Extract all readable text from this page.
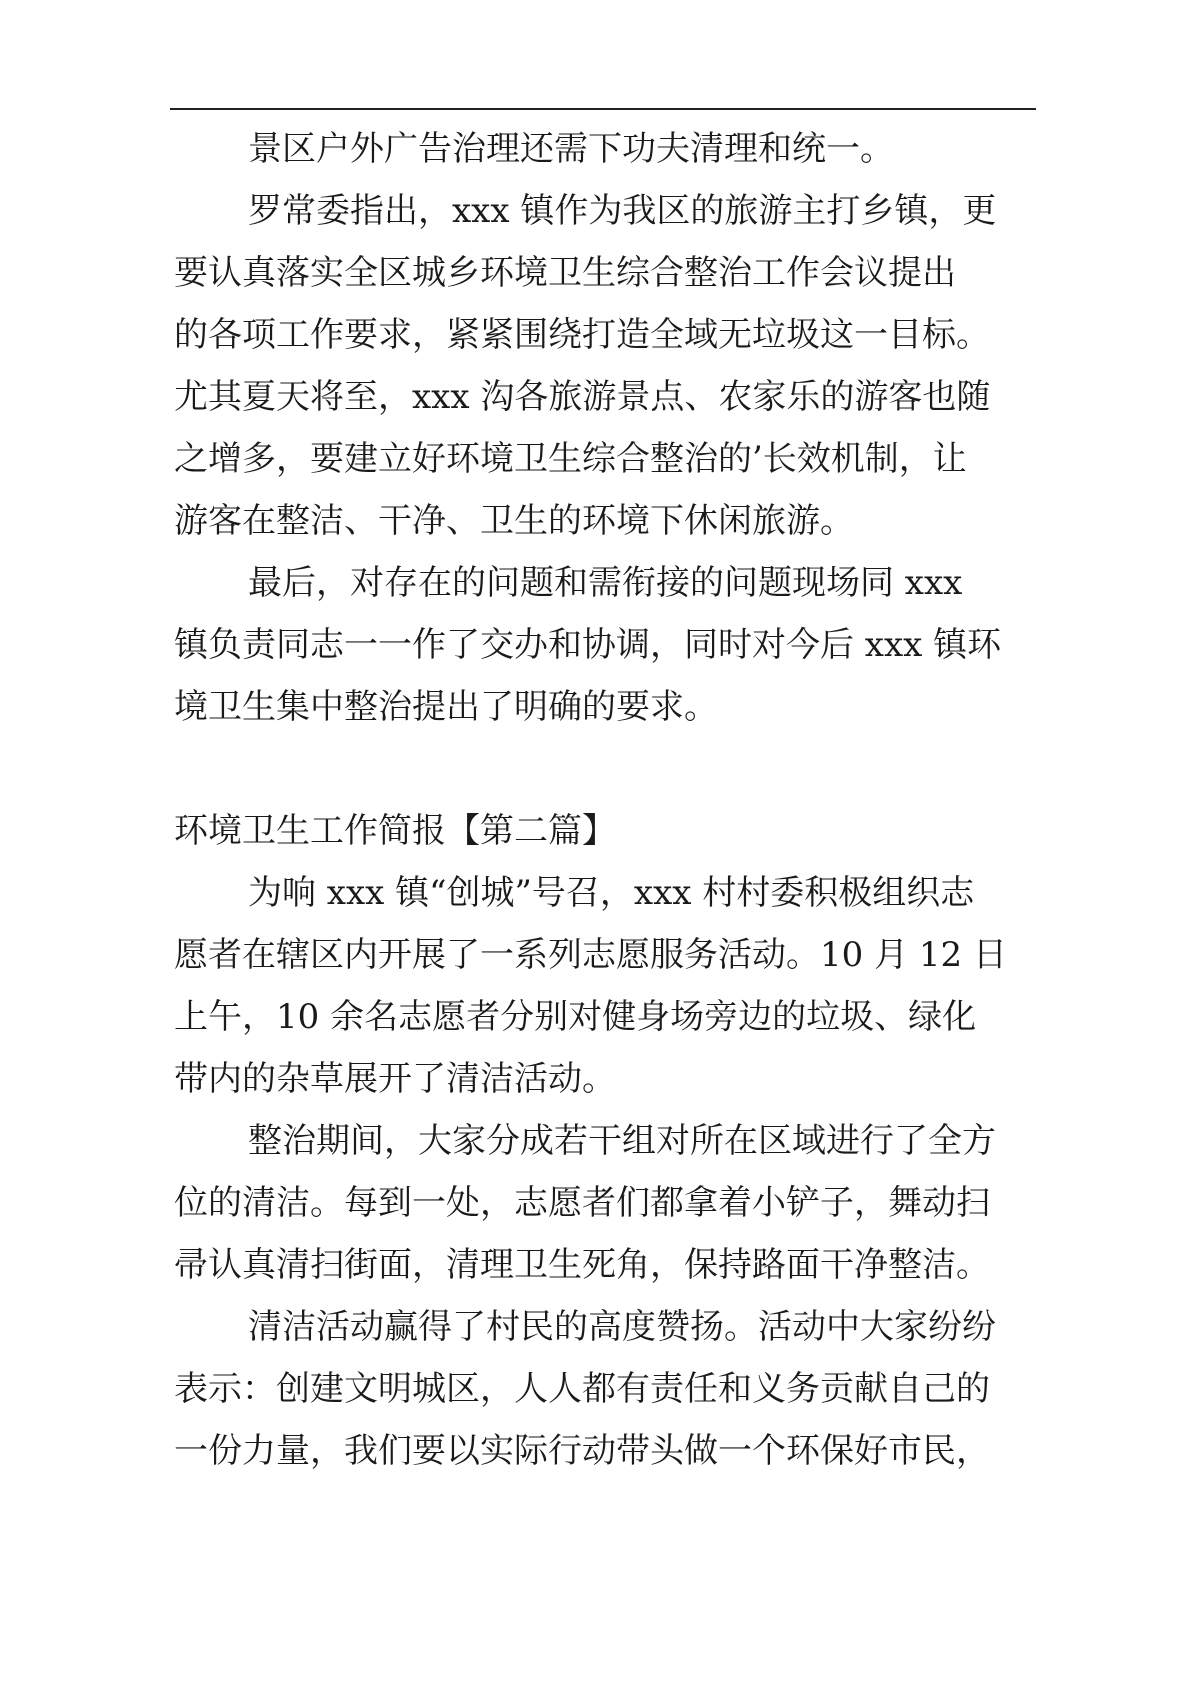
景区户外广告治理还需下功夫清理和统一。
罗常委指出，xxx 镇作为我区的旅游主打乡镇，更
要认真落实全区城乡环境卫生综合整治工作会议提出
的各项工作要求，紧紧围绕打造全域无垃圾这一目标。
尤其夏天将至，xxx 沟各旅游景点、农家乐的游客也随
之增多，要建立好环境卫生综合整治的’长效机制，让
游客在整洁、干净、卫生的环境下休闲旅游。
最后，对存在的问题和需衔接的问题现场同 xxx
镇负责同志一一作了交办和协调，同时对今后 xxx 镇环
境卫生集中整治提出了明确的要求。
环境卫生工作简报【第二篇】
为响 xxx 镇“创城”号召，xxx 村村委积极组织志
愿者在辖区内开展了一系列志愿服务活动。10 月 12 日
上午，10 余名志愿者分别对健身场旁边的垃圾、绿化
带内的杂草展开了清洁活动。
整治期间，大家分成若干组对所在区域进行了全方
位的清洁。每到一处，志愿者们都拿着小铲子，舞动扫
帚认真清扫街面，清理卫生死角，保持路面干净整洁。
清洁活动赢得了村民的高度赞扬。活动中大家纷纷
表示：创建文明城区，人人都有责任和义务贡献自己的
一份力量，我们要以实际行动带头做一个环保好市民，
